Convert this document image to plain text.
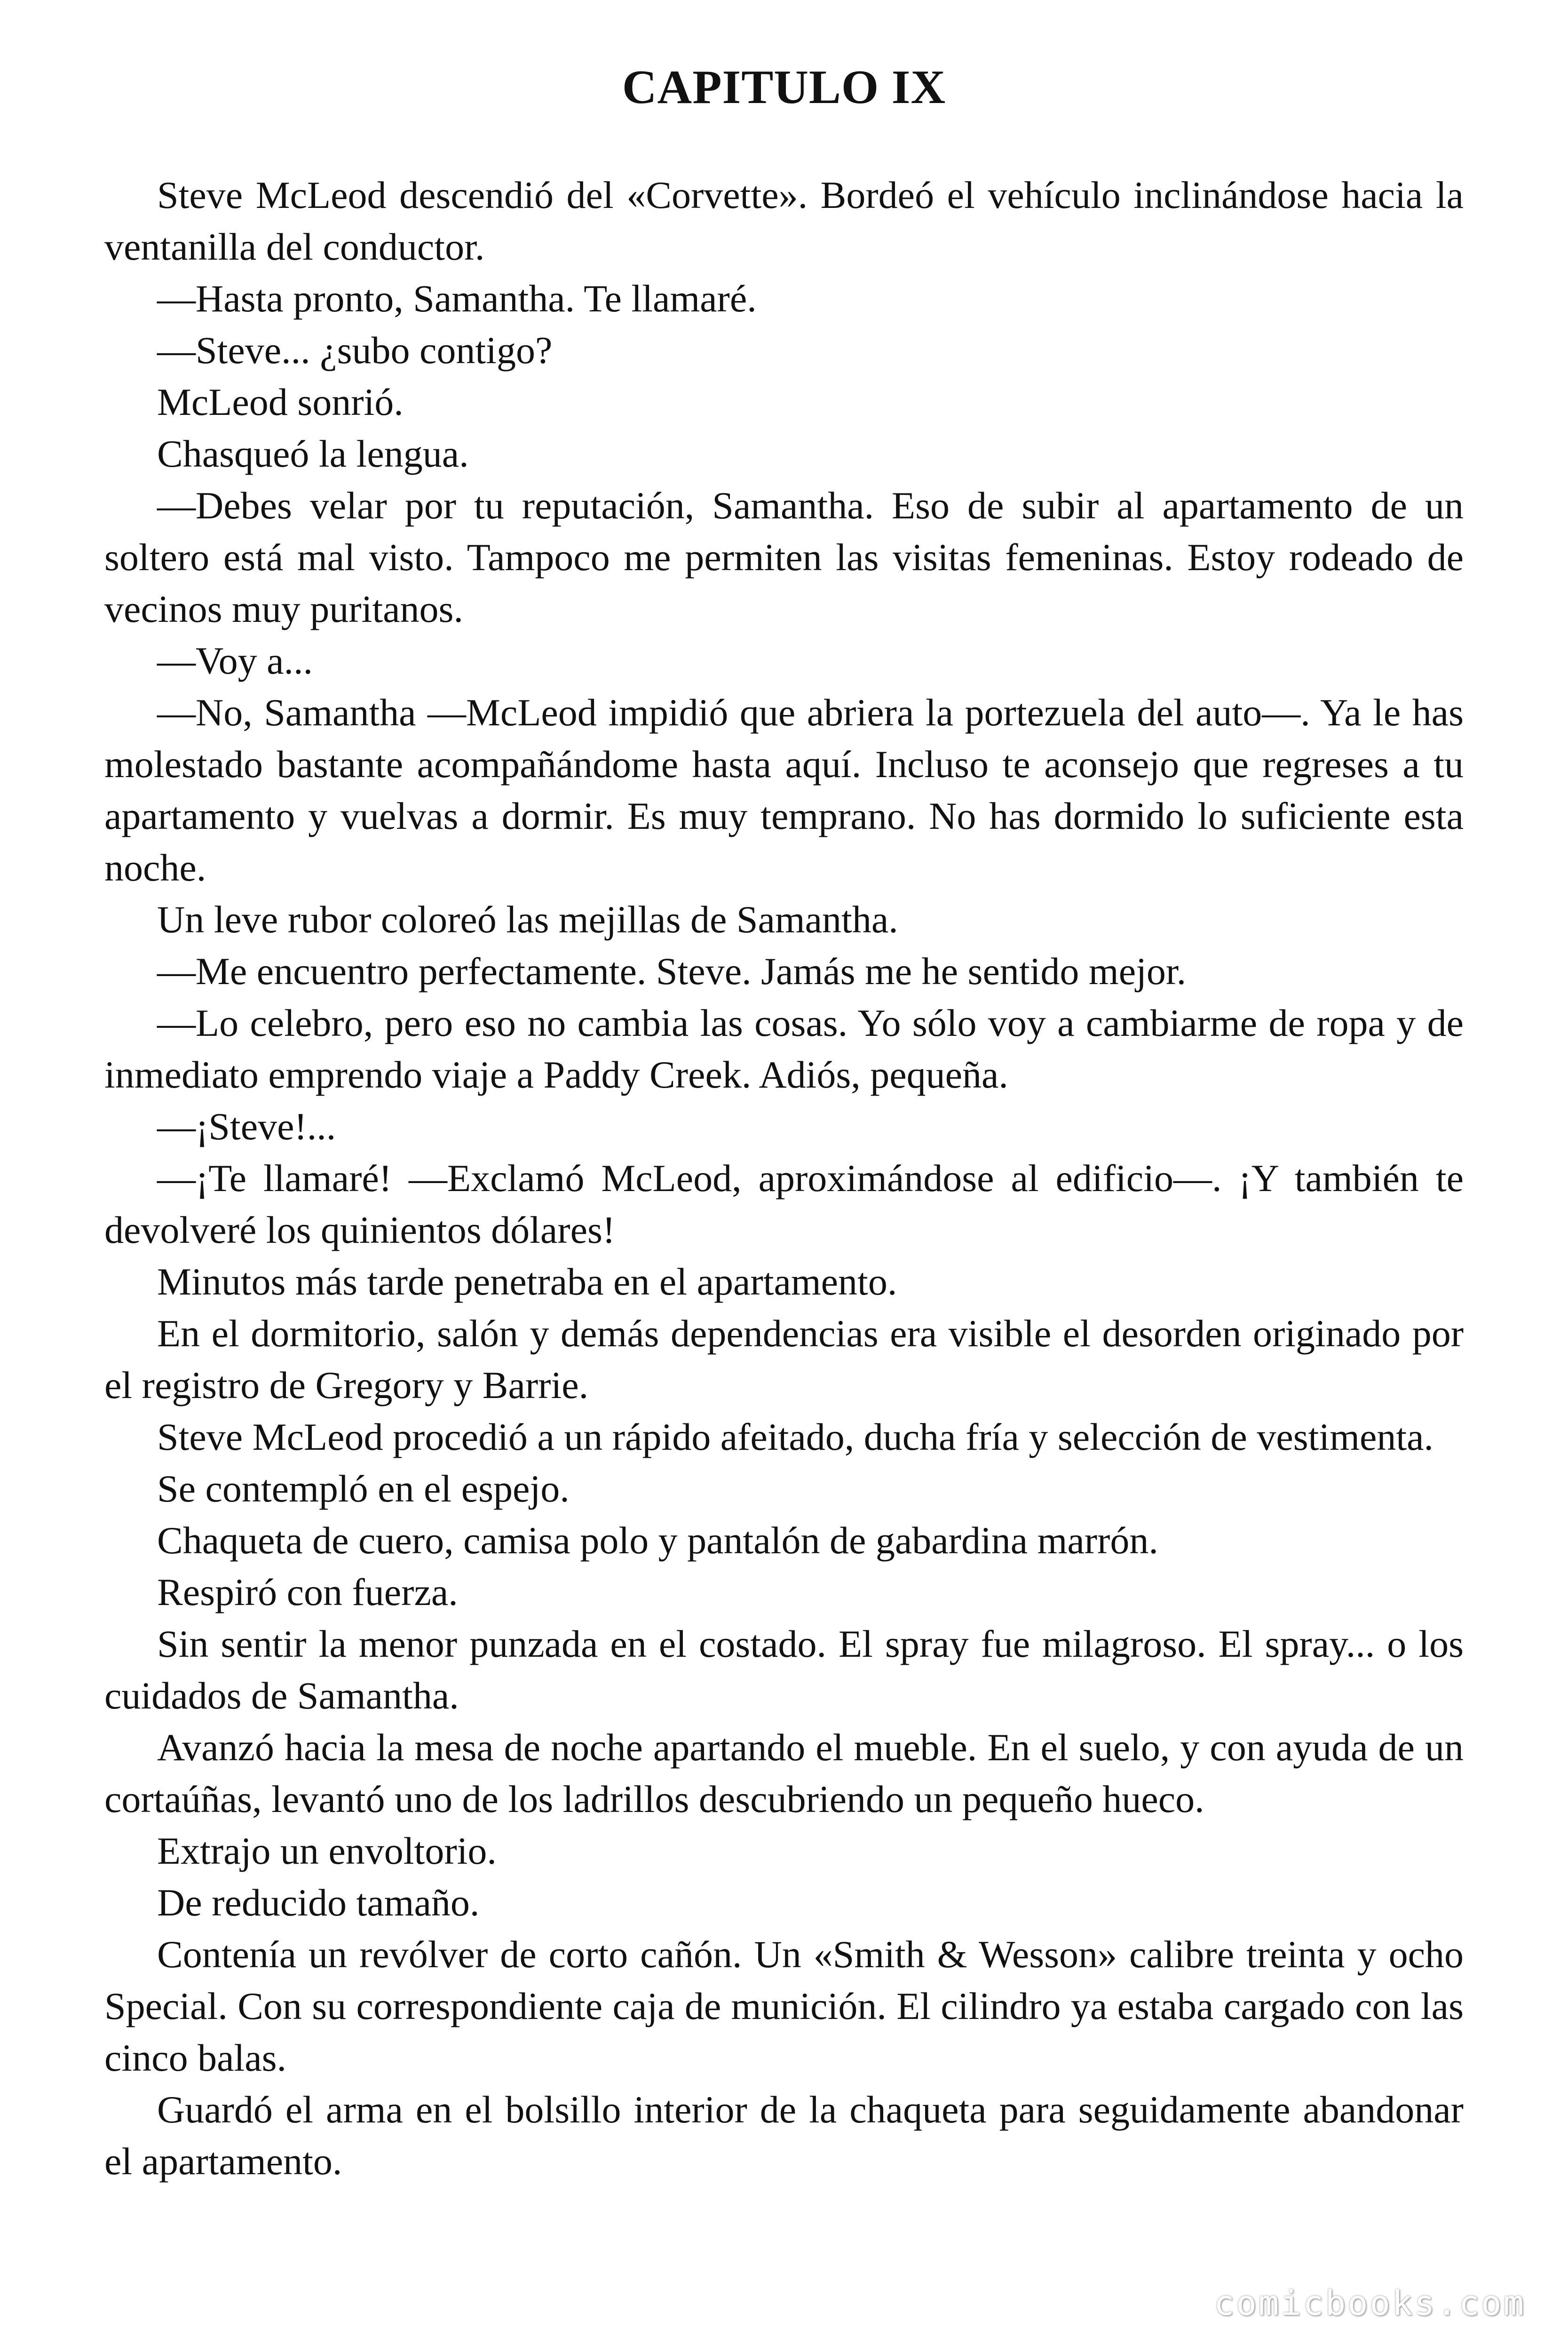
CAPITULO IX

Steve McLeod descendió del «Corvette». Bordeó el vehículo inclinándose hacia la ventanilla del conductor.

—Hasta pronto, Samantha. Te llamaré.

—Steve... ¿subo contigo?

McLeod sonrió.

Chasqueó la lengua.

—Debes velar por tu reputación, Samantha. Eso de subir al apartamento de un soltero está mal visto. Tampoco me permiten las visitas femeninas. Estoy rodeado de vecinos muy puritanos.

—Voy a...

—No, Samantha —McLeod impidió que abriera la portezuela del auto—. Ya le has molestado bastante acompañándome hasta aquí. Incluso te aconsejo que regreses a tu apartamento y vuelvas a dormir. Es muy temprano. No has dormido lo suficiente esta noche.

Un leve rubor coloreó las mejillas de Samantha.

—Me encuentro perfectamente. Steve. Jamás me he sentido mejor.

—Lo celebro, pero eso no cambia las cosas. Yo sólo voy a cambiarme de ropa y de inmediato emprendo viaje a Paddy Creek. Adiós, pequeña.

—¡Steve!...

—¡Te llamaré! —Exclamó McLeod, aproximándose al edificio—. ¡Y también te devolveré los quinientos dólares!

Minutos más tarde penetraba en el apartamento.

En el dormitorio, salón y demás dependencias era visible el desorden originado por el registro de Gregory y Barrie.

Steve McLeod procedió a un rápido afeitado, ducha fría y selección de vestimenta.

Se contempló en el espejo.

Chaqueta de cuero, camisa polo y pantalón de gabardina marrón.

Respiró con fuerza.

Sin sentir la menor punzada en el costado. El spray fue milagroso. El spray... o los cuidados de Samantha.

Avanzó hacia la mesa de noche apartando el mueble. En el suelo, y con ayuda de un cortaúñas, levantó uno de los ladrillos descubriendo un pequeño hueco.

Extrajo un envoltorio.

De reducido tamaño.

Contenía un revólver de corto cañón. Un «Smith & Wesson» calibre treinta y ocho Special. Con su correspondiente caja de munición. El cilindro ya estaba cargado con las cinco balas.

Guardó el arma en el bolsillo interior de la chaqueta para seguidamente abandonar el apartamento.

comicbooks.com
